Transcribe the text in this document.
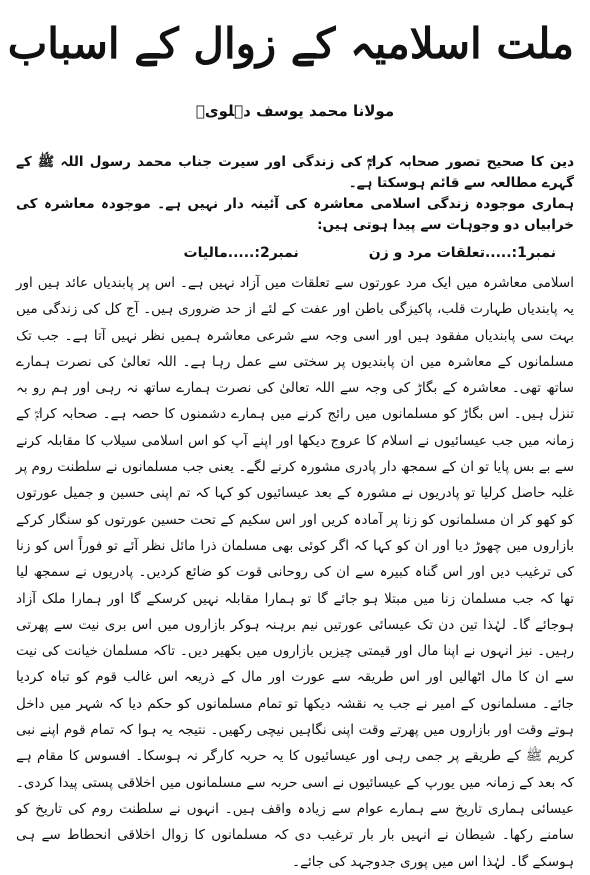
ملت اسلامیہ کے زوال کے اسباب
مولانا محمد یوسف دہلویؒ

دین کا صحیح تصور صحابہ کرامؓ کی زندگی اور سیرت جناب محمد رسول اللہ ﷺ کے گہرے مطالعہ سے قائم ہوسکتا ہے۔

ہماری موجودہ زندگی اسلامی معاشرہ کی آئینہ دار نہیں ہے۔ موجودہ معاشرہ کی خرابیاں دو وجوہات سے پیدا ہوتی ہیں:

نمبر1:.....تعلقات مرد و زن
نمبر2:.....مالیات

اسلامی معاشرہ میں ایک مرد عورتوں سے تعلقات میں آزاد نہیں ہے۔ اس پر پابندیاں عائد ہیں اور یہ پابندیاں طہارت قلب، پاکیزگی باطن اور عفت کے لئے از حد ضروری ہیں۔ آج کل کی زندگی میں بہت سی پابندیاں مفقود ہیں اور اسی وجہ سے شرعی معاشرہ ہمیں نظر نہیں آتا ہے۔ جب تک مسلمانوں کے معاشرہ میں ان پابندیوں پر سختی سے عمل رہا ہے۔ اللہ تعالیٰ کی نصرت ہمارے ساتھ تھی۔ معاشرہ کے بگاڑ کی وجہ سے اللہ تعالیٰ کی نصرت ہمارے ساتھ نہ رہی اور ہم رو بہ تنزل ہیں۔ اس بگاڑ کو مسلمانوں میں رائج کرنے میں ہمارے دشمنوں کا حصہ ہے۔ صحابہ کرامؓ کے زمانہ میں جب عیسائیوں نے اسلام کا عروج دیکھا اور اپنے آپ کو اس اسلامی سیلاب کا مقابلہ کرنے سے بے بس پایا تو ان کے سمجھ دار پادری مشورہ کرنے لگے۔ یعنی جب مسلمانوں نے سلطنت روم پر غلبہ حاصل کرلیا تو پادریوں نے مشورہ کے بعد عیسائیوں کو کہا کہ تم اپنی حسین و جمیل عورتوں کو کھو کر ان مسلمانوں کو زنا پر آمادہ کریں اور اس سکیم کے تحت حسین عورتوں کو سنگار کرکے بازاروں میں چھوڑ دیا اور ان کو کہا کہ اگر کوئی بھی مسلمان ذرا مائل نظر آئے تو فوراً اس کو زنا کی ترغیب دیں اور اس گناہ کبیرہ سے ان کی روحانی قوت کو ضائع کردیں۔ پادریوں نے سمجھ لیا تھا کہ جب مسلمان زنا میں مبتلا ہو جائے گا تو ہمارا مقابلہ نہیں کرسکے گا اور ہمارا ملک آزاد ہوجائے گا۔ لہٰذا تین دن تک عیسائی عورتیں نیم برہنہ ہوکر بازاروں میں اس بری نیت سے پھرتی رہیں۔ نیز انہوں نے اپنا مال اور قیمتی چیزیں بازاروں میں بکھیر دیں۔ تاکہ مسلمان خیانت کی نیت سے ان کا مال اٹھالیں اور اس طریقہ سے عورت اور مال کے ذریعہ اس غالب قوم کو تباہ کردیا جائے۔ مسلمانوں کے امیر نے جب یہ نقشہ دیکھا تو تمام مسلمانوں کو حکم دیا کہ شہر میں داخل ہوتے وقت اور بازاروں میں پھرتے وقت اپنی نگاہیں نیچی رکھیں۔ نتیجہ یہ ہوا کہ تمام قوم اپنے نبی کریم ﷺ کے طریقے پر جمی رہی اور عیسائیوں کا یہ حربہ کارگر نہ ہوسکا۔ افسوس کا مقام ہے کہ بعد کے زمانہ میں یورپ کے عیسائیوں نے اسی حربہ سے مسلمانوں میں اخلاقی پستی پیدا کردی۔ عیسائی ہماری تاریخ سے ہمارے عوام سے زیادہ واقف ہیں۔ انہوں نے سلطنت روم کی تاریخ کو سامنے رکھا۔ شیطان نے انہیں بار بار ترغیب دی کہ مسلمانوں کا زوال اخلاقی انحطاط سے ہی ہوسکے گا۔ لہٰذا اس میں پوری جدوجہد کی جائے۔
